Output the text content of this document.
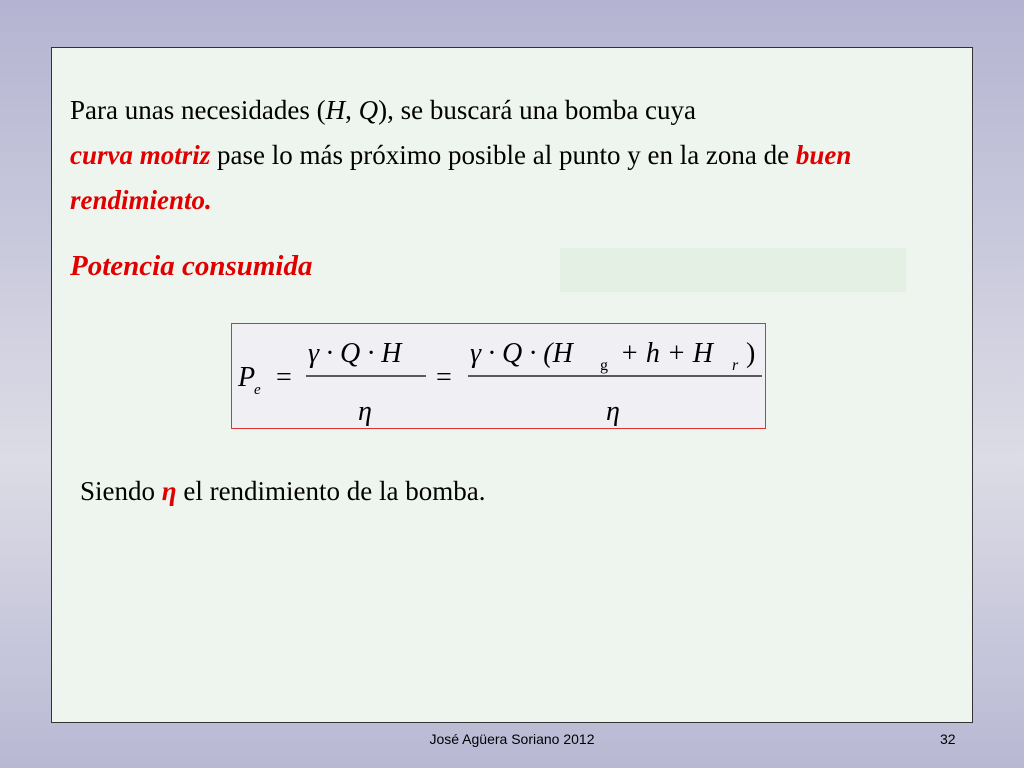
Para unas necesidades (H, Q), se buscará una bomba cuya
curva motriz pase lo más próximo posible al punto y en la zona de buen rendimiento.
Potencia consumida
P
e =
γ · Q · H
η
=
γ · Q · (H g + h + H r )
η
Siendo η el rendimiento de la bomba.
José Agüera Soriano 2012	32
